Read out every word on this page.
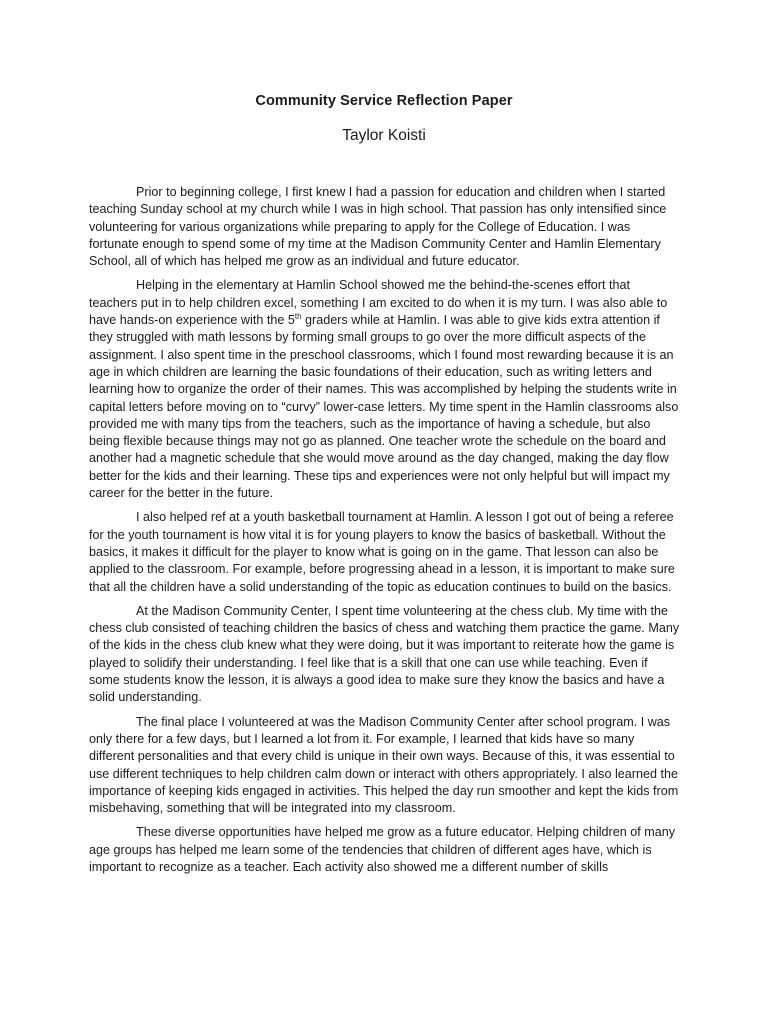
Community Service Reflection Paper
Taylor Koisti

Prior to beginning college, I first knew I had a passion for education and children when I started teaching Sunday school at my church while I was in high school. That passion has only intensified since volunteering for various organizations while preparing to apply for the College of Education. I was fortunate enough to spend some of my time at the Madison Community Center and Hamlin Elementary School, all of which has helped me grow as an individual and future educator.

Helping in the elementary at Hamlin School showed me the behind-the-scenes effort that teachers put in to help children excel, something I am excited to do when it is my turn. I was also able to have hands-on experience with the 5th graders while at Hamlin. I was able to give kids extra attention if they struggled with math lessons by forming small groups to go over the more difficult aspects of the assignment. I also spent time in the preschool classrooms, which I found most rewarding because it is an age in which children are learning the basic foundations of their education, such as writing letters and learning how to organize the order of their names. This was accomplished by helping the students write in capital letters before moving on to “curvy” lower-case letters. My time spent in the Hamlin classrooms also provided me with many tips from the teachers, such as the importance of having a schedule, but also being flexible because things may not go as planned. One teacher wrote the schedule on the board and another had a magnetic schedule that she would move around as the day changed, making the day flow better for the kids and their learning. These tips and experiences were not only helpful but will impact my career for the better in the future.

I also helped ref at a youth basketball tournament at Hamlin. A lesson I got out of being a referee for the youth tournament is how vital it is for young players to know the basics of basketball. Without the basics, it makes it difficult for the player to know what is going on in the game. That lesson can also be applied to the classroom. For example, before progressing ahead in a lesson, it is important to make sure that all the children have a solid understanding of the topic as education continues to build on the basics.

At the Madison Community Center, I spent time volunteering at the chess club. My time with the chess club consisted of teaching children the basics of chess and watching them practice the game. Many of the kids in the chess club knew what they were doing, but it was important to reiterate how the game is played to solidify their understanding. I feel like that is a skill that one can use while teaching. Even if some students know the lesson, it is always a good idea to make sure they know the basics and have a solid understanding.

The final place I volunteered at was the Madison Community Center after school program. I was only there for a few days, but I learned a lot from it. For example, I learned that kids have so many different personalities and that every child is unique in their own ways. Because of this, it was essential to use different techniques to help children calm down or interact with others appropriately. I also learned the importance of keeping kids engaged in activities. This helped the day run smoother and kept the kids from misbehaving, something that will be integrated into my classroom.

These diverse opportunities have helped me grow as a future educator. Helping children of many age groups has helped me learn some of the tendencies that children of different ages have, which is important to recognize as a teacher. Each activity also showed me a different number of skills
